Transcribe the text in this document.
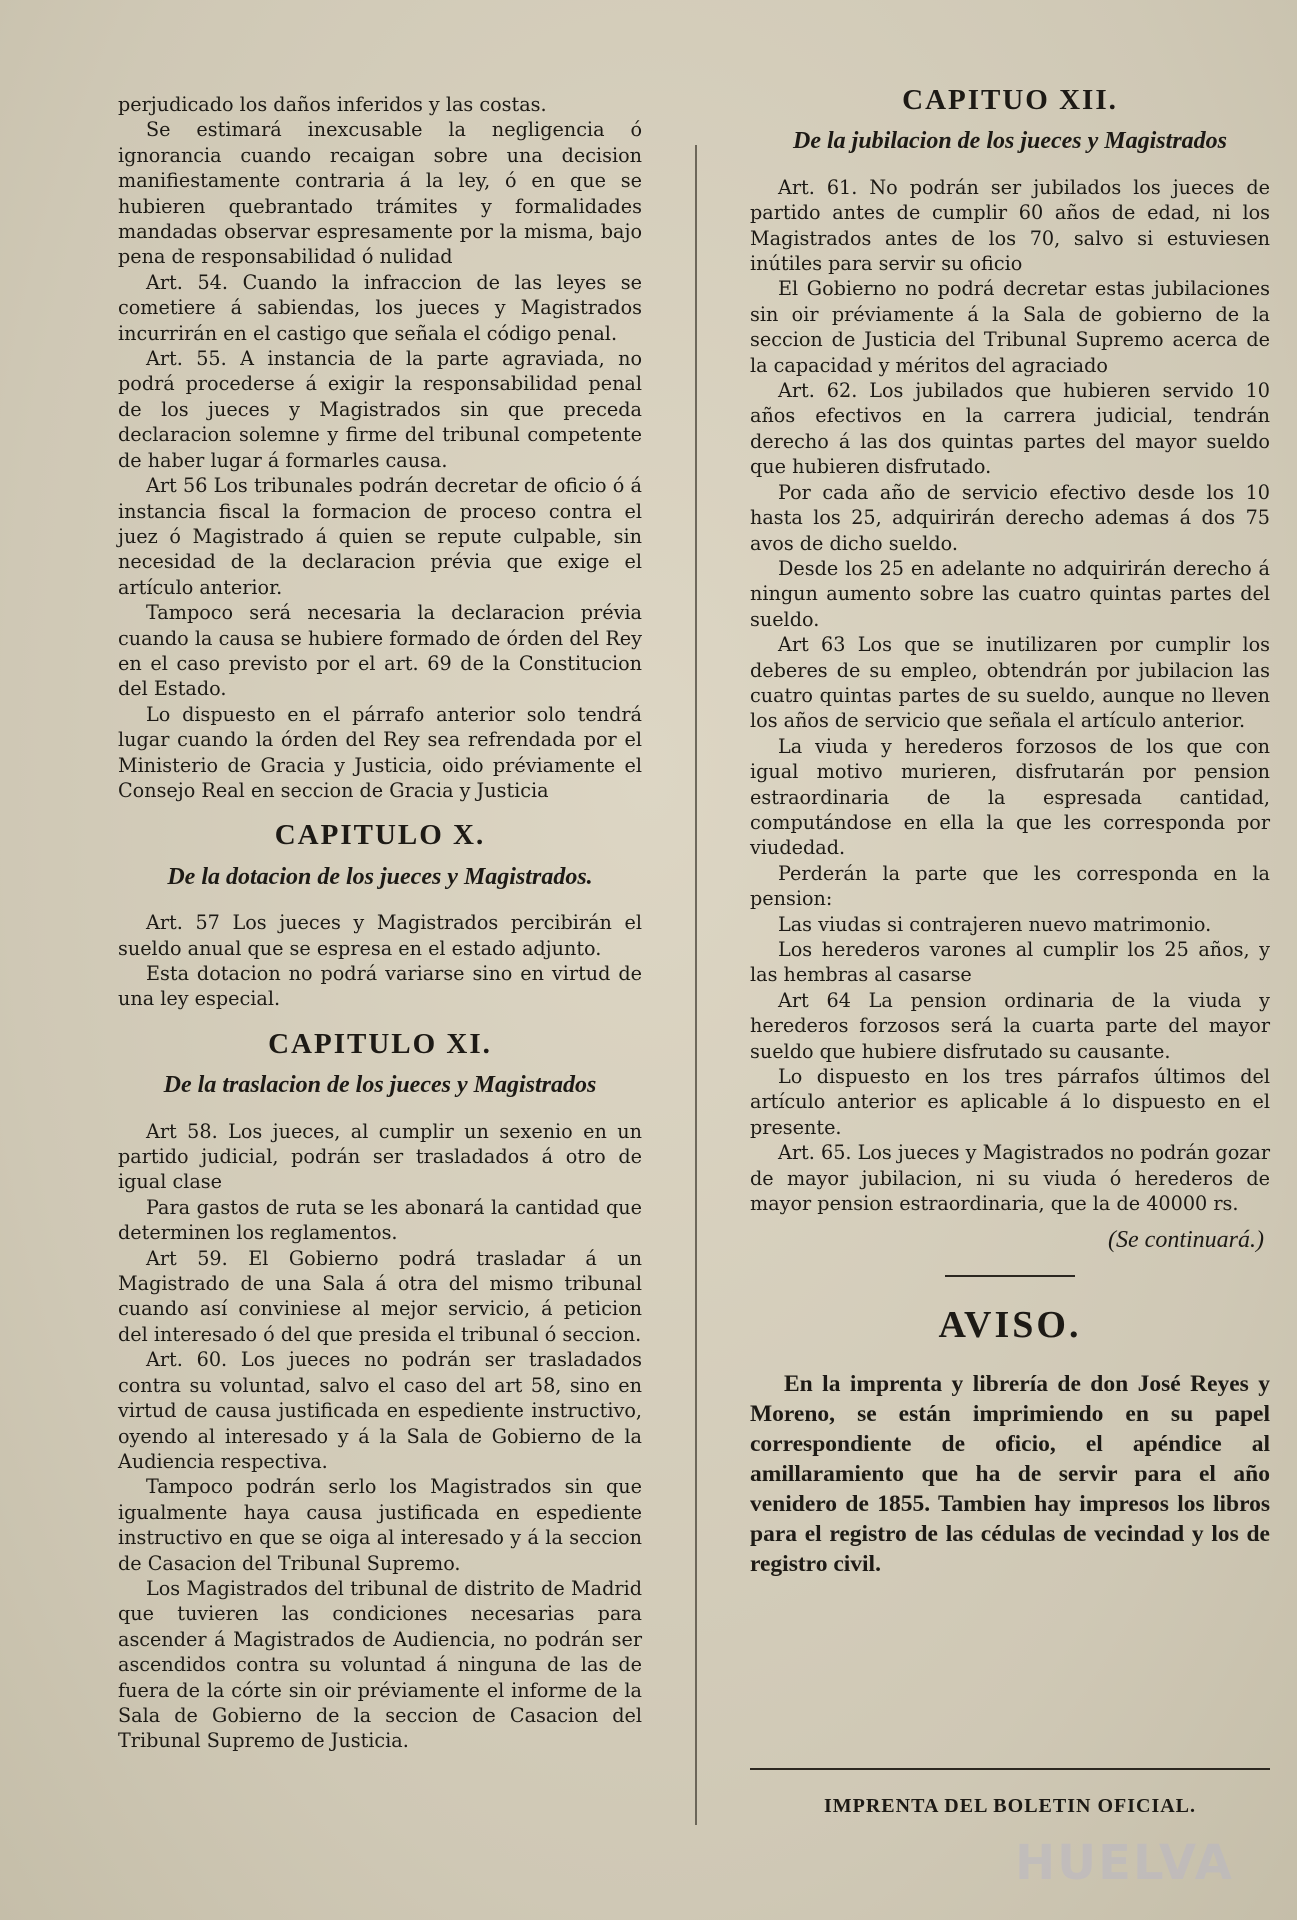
perjudicado los daños inferidos y las costas.

Se estimará inexcusable la negligencia ó ignorancia cuando recaigan sobre una decision manifiestamente contraria á la ley, ó en que se hubieren quebrantado trámites y formalidades mandadas observar espresamente por la misma, bajo pena de responsabilidad ó nulidad

Art. 54. Cuando la infraccion de las leyes se cometiere á sabiendas, los jueces y Magistrados incurrirán en el castigo que señala el código penal.

Art. 55. A instancia de la parte agraviada, no podrá procederse á exigir la responsabilidad penal de los jueces y Magistrados sin que preceda declaracion solemne y firme del tribunal competente de haber lugar á formarles causa.

Art 56 Los tribunales podrán decretar de oficio ó á instancia fiscal la formacion de proceso contra el juez ó Magistrado á quien se repute culpable, sin necesidad de la declaracion prévia que exige el artículo anterior.

Tampoco será necesaria la declaracion prévia cuando la causa se hubiere formado de órden del Rey en el caso previsto por el art. 69 de la Constitucion del Estado.

Lo dispuesto en el párrafo anterior solo tendrá lugar cuando la órden del Rey sea refrendada por el Ministerio de Gracia y Justicia, oido préviamente el Consejo Real en seccion de Gracia y Justicia

CAPITULO X.
De la dotacion de los jueces y Magistrados.

Art. 57 Los jueces y Magistrados percibirán el sueldo anual que se espresa en el estado adjunto.

Esta dotacion no podrá variarse sino en virtud de una ley especial.

CAPITULO XI.
De la traslacion de los jueces y Magistrados

Art 58. Los jueces, al cumplir un sexenio en un partido judicial, podrán ser trasladados á otro de igual clase

Para gastos de ruta se les abonará la cantidad que determinen los reglamentos.

Art 59. El Gobierno podrá trasladar á un Magistrado de una Sala á otra del mismo tribunal cuando así conviniese al mejor servicio, á peticion del interesado ó del que presida el tribunal ó seccion.

Art. 60. Los jueces no podrán ser trasladados contra su voluntad, salvo el caso del art 58, sino en virtud de causa justificada en espediente instructivo, oyendo al interesado y á la Sala de Gobierno de la Audiencia respectiva.

Tampoco podrán serlo los Magistrados sin que igualmente haya causa justificada en espediente instructivo en que se oiga al interesado y á la seccion de Casacion del Tribunal Supremo.

Los Magistrados del tribunal de distrito de Madrid que tuvieren las condiciones necesarias para ascender á Magistrados de Audiencia, no podrán ser ascendidos contra su voluntad á ninguna de las de fuera de la córte sin oir préviamente el informe de la Sala de Gobierno de la seccion de Casacion del Tribunal Supremo de Justicia.

CAPITUO XII.
De la jubilacion de los jueces y Magistrados

Art. 61. No podrán ser jubilados los jueces de partido antes de cumplir 60 años de edad, ni los Magistrados antes de los 70, salvo si estuviesen inútiles para servir su oficio

El Gobierno no podrá decretar estas jubilaciones sin oir préviamente á la Sala de gobierno de la seccion de Justicia del Tribunal Supremo acerca de la capacidad y méritos del agraciado

Art. 62. Los jubilados que hubieren servido 10 años efectivos en la carrera judicial, tendrán derecho á las dos quintas partes del mayor sueldo que hubieren disfrutado.

Por cada año de servicio efectivo desde los 10 hasta los 25, adquirirán derecho ademas á dos 75 avos de dicho sueldo.

Desde los 25 en adelante no adquirirán derecho á ningun aumento sobre las cuatro quintas partes del sueldo.

Art 63 Los que se inutilizaren por cumplir los deberes de su empleo, obtendrán por jubilacion las cuatro quintas partes de su sueldo, aunque no lleven los años de servicio que señala el artículo anterior.

La viuda y herederos forzosos de los que con igual motivo murieren, disfrutarán por pension estraordinaria de la espresada cantidad, computándose en ella la que les corresponda por viudedad.

Perderán la parte que les corresponda en la pension:

Las viudas si contrajeren nuevo matrimonio.

Los herederos varones al cumplir los 25 años, y las hembras al casarse

Art 64 La pension ordinaria de la viuda y herederos forzosos será la cuarta parte del mayor sueldo que hubiere disfrutado su causante.

Lo dispuesto en los tres párrafos últimos del artículo anterior es aplicable á lo dispuesto en el presente.

Art. 65. Los jueces y Magistrados no podrán gozar de mayor jubilacion, ni su viuda ó herederos de mayor pension estraordinaria, que la de 40000 rs.

(Se continuará.)
AVISO.
En la imprenta y librería de don José Reyes y Moreno, se están imprimiendo en su papel correspondiente de oficio, el apéndice al amillaramiento que ha de servir para el año venidero de 1855. Tambien hay impresos los libros para el registro de las cédulas de vecindad y los de registro civil.
IMPRENTA DEL BOLETIN OFICIAL.
HUELVA
